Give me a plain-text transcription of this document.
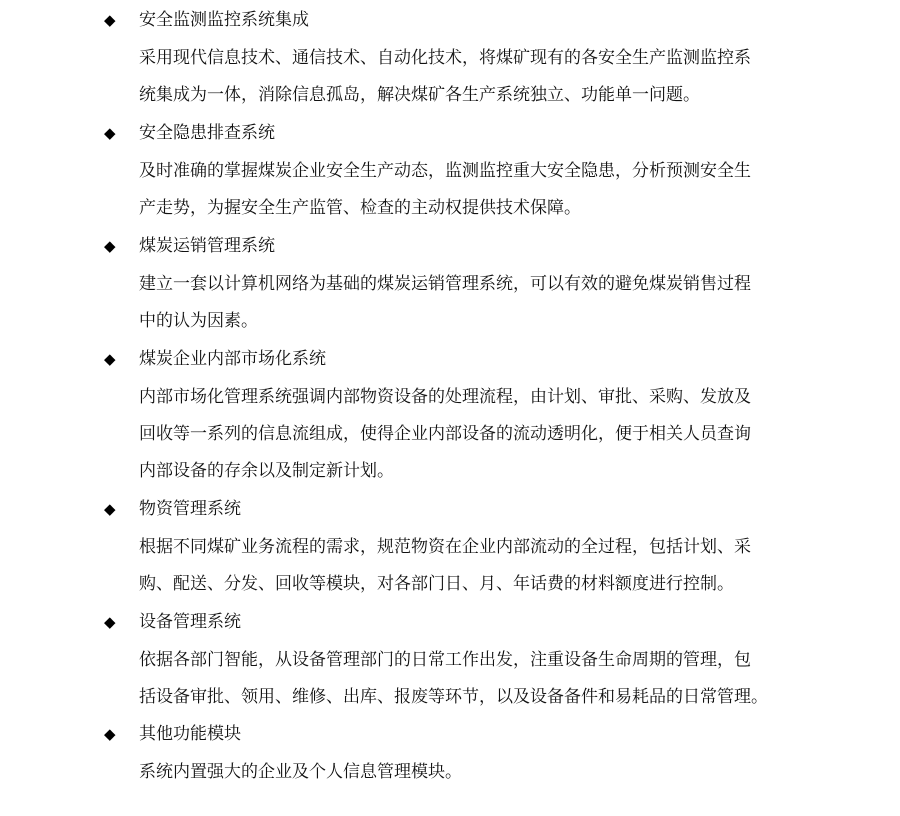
◆ 安全监测监控系统集成
采用现代信息技术、通信技术、自动化技术，将煤矿现有的各安全生产监测监控系
统集成为一体，消除信息孤岛，解决煤矿各生产系统独立、功能单一问题。
◆ 安全隐患排查系统
及时准确的掌握煤炭企业安全生产动态，监测监控重大安全隐患，分析预测安全生
产走势，为握安全生产监管、检查的主动权提供技术保障。
◆ 煤炭运销管理系统
建立一套以计算机网络为基础的煤炭运销管理系统，可以有效的避免煤炭销售过程
中的认为因素。
◆ 煤炭企业内部市场化系统
内部市场化管理系统强调内部物资设备的处理流程，由计划、审批、采购、发放及
回收等一系列的信息流组成，使得企业内部设备的流动透明化，便于相关人员查询
内部设备的存余以及制定新计划。
◆ 物资管理系统
根据不同煤矿业务流程的需求，规范物资在企业内部流动的全过程，包括计划、采
购、配送、分发、回收等模块，对各部门日、月、年话费的材料额度进行控制。
◆ 设备管理系统
依据各部门智能，从设备管理部门的日常工作出发，注重设备生命周期的管理，包
括设备审批、领用、维修、出库、报废等环节，以及设备备件和易耗品的日常管理。
◆ 其他功能模块
系统内置强大的企业及个人信息管理模块。
